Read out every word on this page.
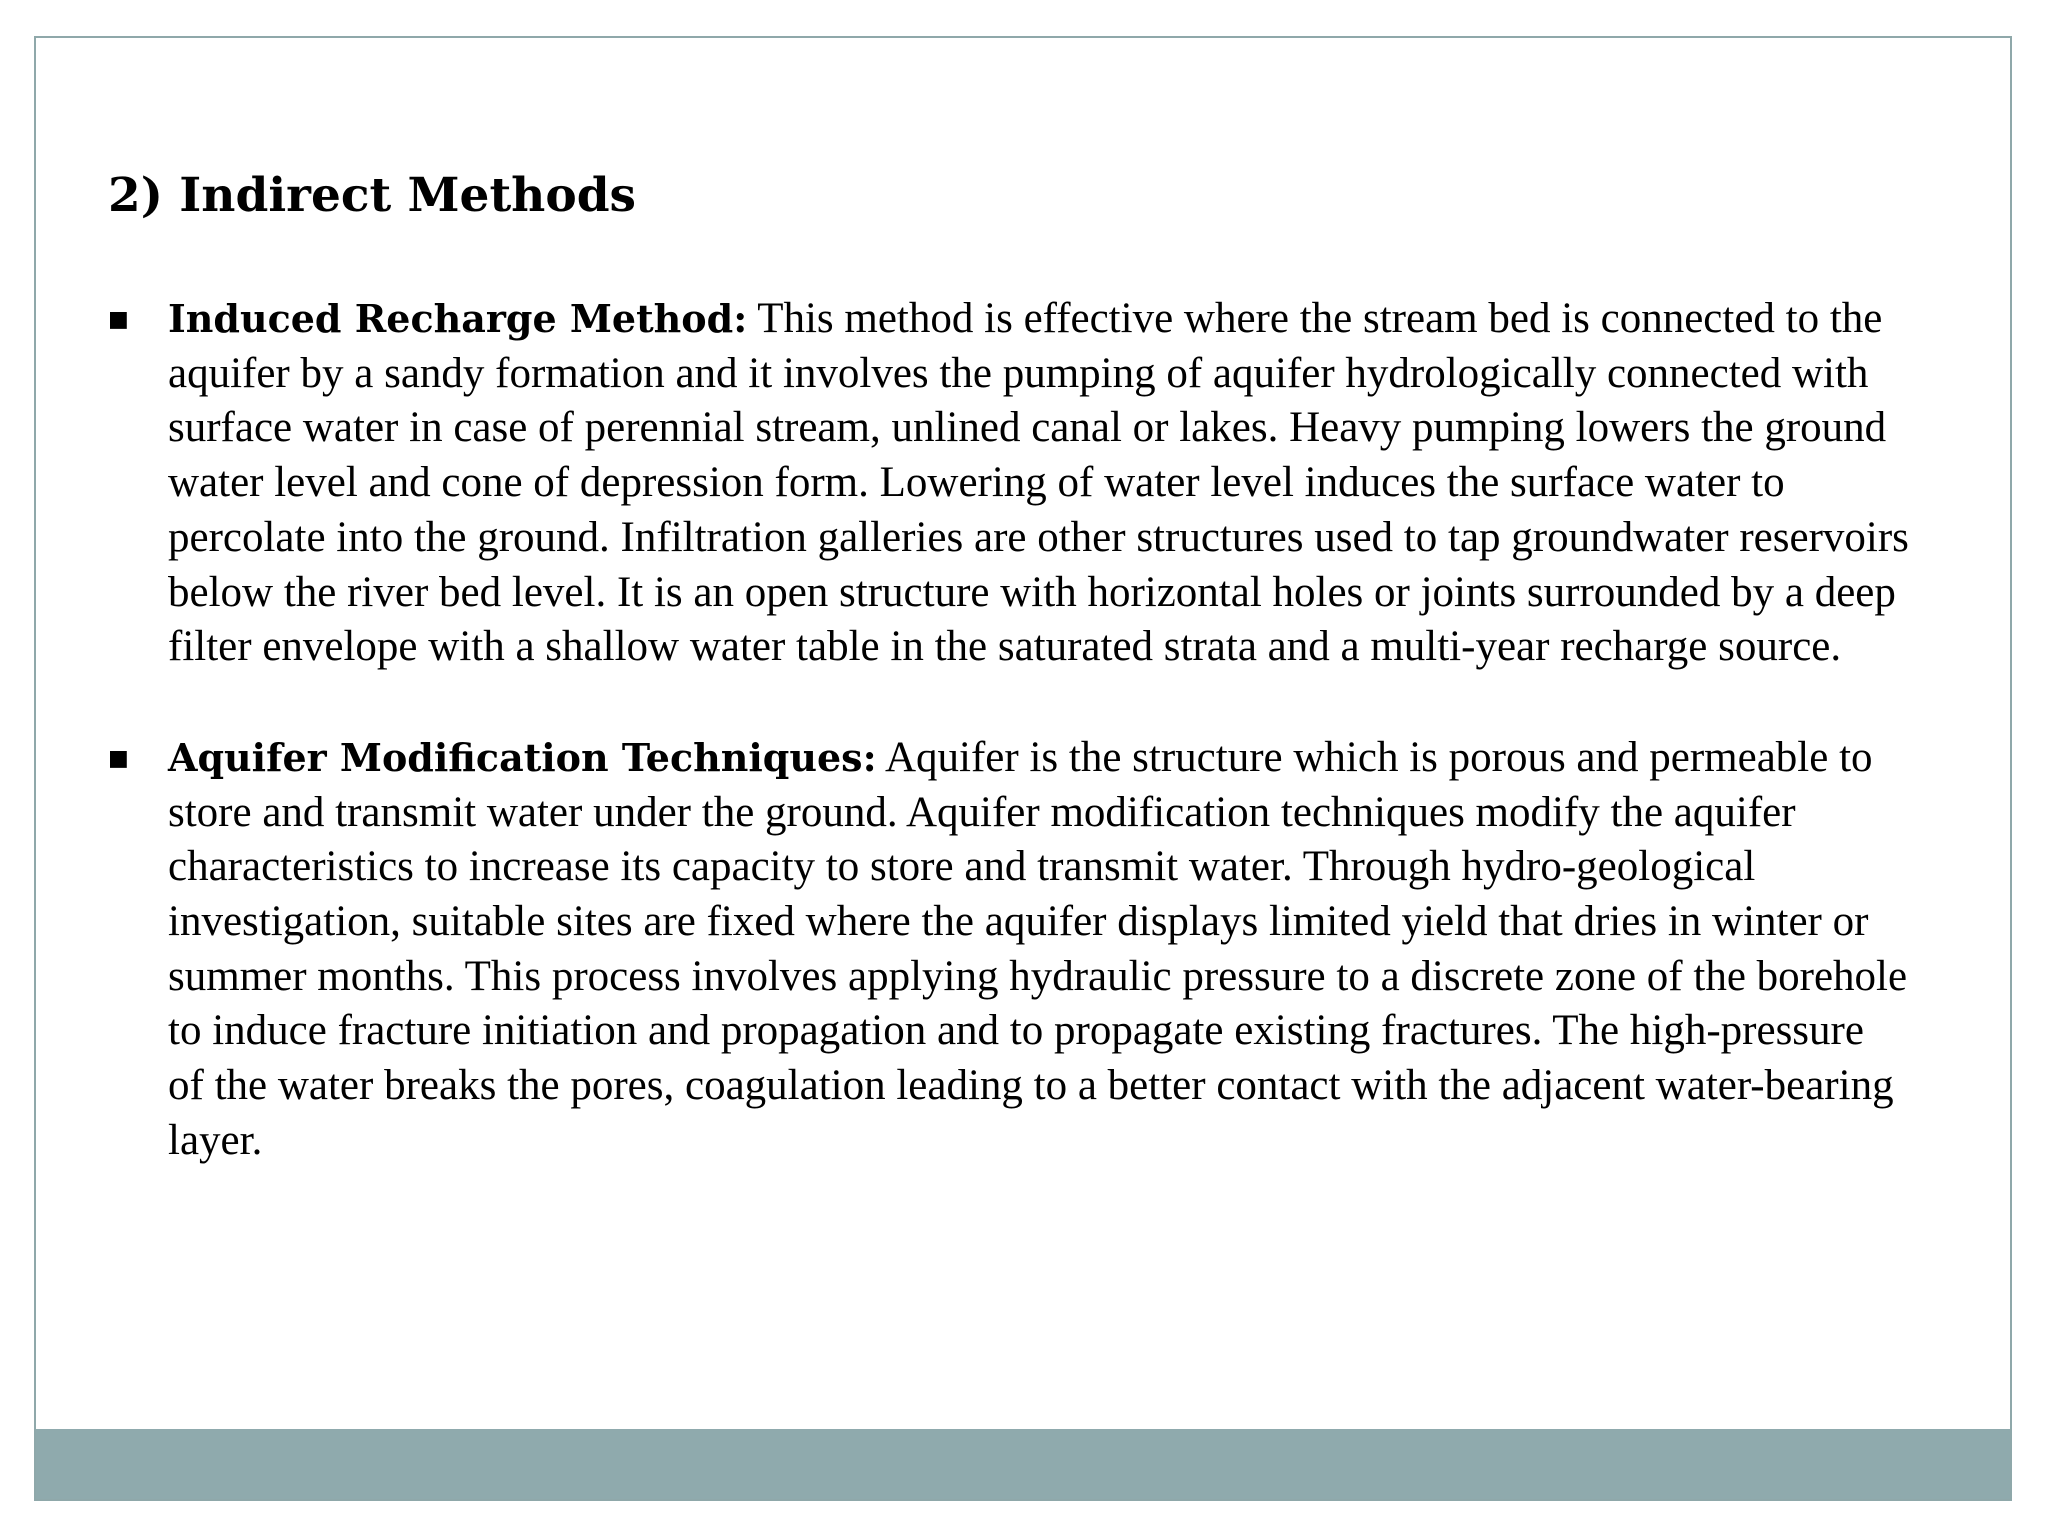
2) Indirect Methods
■	Induced Recharge Method: This method is effective where the stream bed is connected to the aquifer by a sandy formation and it involves the pumping of aquifer hydrologically connected with surface water in case of perennial stream, unlined canal or lakes. Heavy pumping lowers the ground water level and cone of depression form. Lowering of water level induces the surface water to percolate into the ground. Infiltration galleries are other structures used to tap groundwater reservoirs below the river bed level. It is an open structure with horizontal holes or joints surrounded by a deep filter envelope with a shallow water table in the saturated strata and a multi-year recharge source.
■	Aquifer Modification Techniques: Aquifer is the structure which is porous and permeable to store and transmit water under the ground. Aquifer modification techniques modify the aquifer characteristics to increase its capacity to store and transmit water. Through hydro-geological investigation, suitable sites are fixed where the aquifer displays limited yield that dries in winter or summer months. This process involves applying hydraulic pressure to a discrete zone of the borehole to induce fracture initiation and propagation and to propagate existing fractures. The high-pressure of the water breaks the pores, coagulation leading to a better contact with the adjacent water-bearing layer.
